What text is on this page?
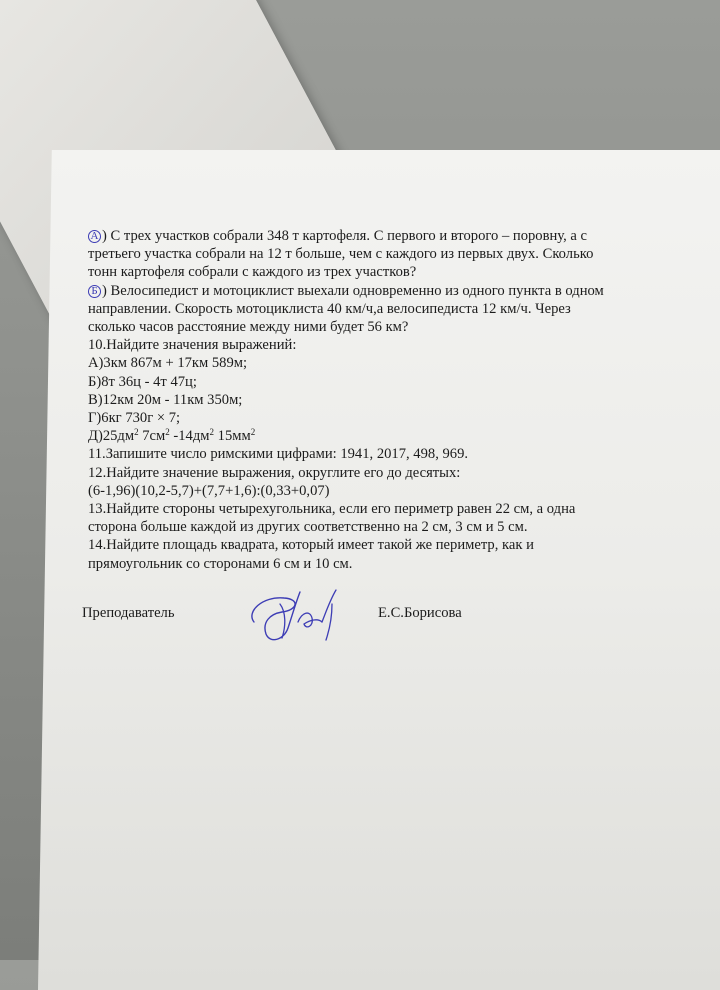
А ) С трех участков собрали 348 т картофеля. С первого и второго – поровну, а с
третьего участка собрали на 12 т больше, чем с каждого из первых двух. Сколько
тонн картофеля собрали с каждого из трех участков?
Б ) Велосипедист и мотоциклист выехали одновременно из одного пункта в одном
направлении. Скорость мотоциклиста 40 км/ч,а велосипедиста 12 км/ч. Через
сколько часов расстояние между ними будет 56 км?
10.Найдите значения выражений:
А)3км 867м + 17км 589м;
Б)8т 36ц - 4т 47ц;
В)12км 20м - 11км 350м;
Г)6кг 730г × 7;
$Д)25дм^2$ $7см^2$ $-14дм^2$ $15мм^2$
11.Запишите число римскими цифрами: 1941, 2017, 498, 969.
12.Найдите значение выражения, округлите его до десятых:
(6-1,96)(10,2-5,7)+(7,7+1,6):(0,33+0,07)
13.Найдите стороны четырехугольника, если его периметр равен 22 см, а одна
сторона больше каждой из других соответственно на 2 см, 3 см и 5 см.
14.Найдите площадь квадрата, который имеет такой же периметр, как и
прямоугольник со сторонами 6 см и 10 см.
Преподаватель	Е.С.Борисова
